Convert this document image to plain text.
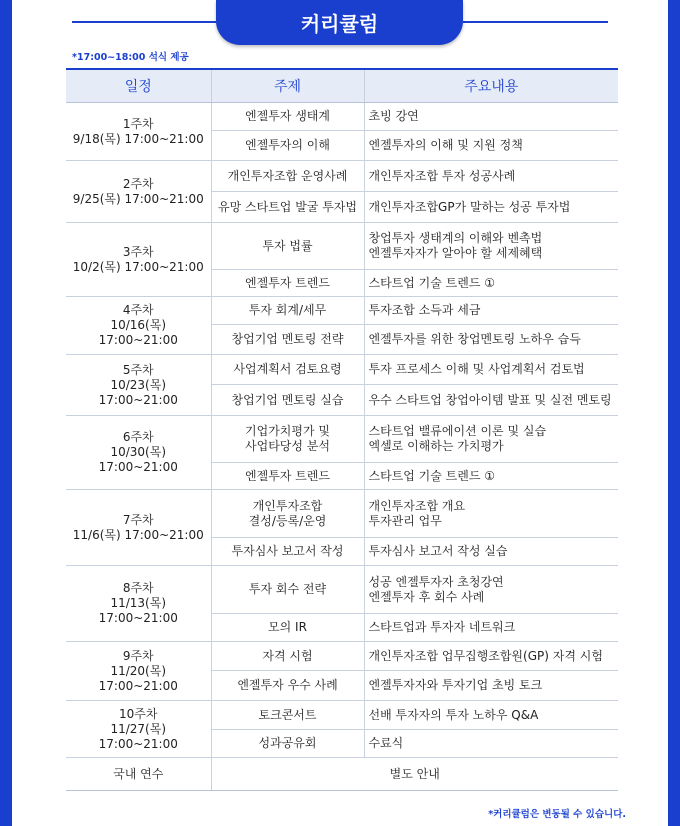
커리큘럼
*17:00~18:00 석식 제공
일정	주제	주요내용

1주차
9/18(목) 17:00~21:00	엔젤투자 생태계	초빙 강연

	엔젤투자의 이해	엔젤투자의 이해 및 지원 정책

2주차
9/25(목) 17:00~21:00	개인투자조합 운영사례	개인투자조합 투자 성공사례

	유망 스타트업 발굴 투자법	개인투자조합GP가 말하는 성공 투자법

3주차
10/2(목) 17:00~21:00	투자 법률	창업투자 생태계의 이해와 벤촉법
엔젤투자자가 알아야 할 세제혜택

	엔젤투자 트렌드	스타트업 기술 트렌드 ①

4주차
10/16(목) 17:00~21:00	투자 회계/세무	투자조합 소득과 세금

	창업기업 멘토링 전략	엔젤투자를 위한 창업멘토링 노하우 습득

5주차
10/23(목) 17:00~21:00	사업계획서 검토요령	투자 프로세스 이해 및 사업계획서 검토법

	창업기업 멘토링 실습	우수 스타트업 창업아이템 발표 및 실전 멘토링

6주차
10/30(목) 17:00~21:00	기업가치평가 및
사업타당성 분석	스타트업 밸류에이션 이론 및 실습
엑셀로 이해하는 가치평가

	엔젤투자 트렌드	스타트업 기술 트렌드 ①

7주차
11/6(목) 17:00~21:00	개인투자조합
결성/등록/운영	개인투자조합 개요
투자관리 업무

	투자심사 보고서 작성	투자심사 보고서 작성 실습

8주차
11/13(목) 17:00~21:00	투자 회수 전략	성공 엔젤투자자 초청강연
엔젤투자 후 회수 사례

	모의 IR	스타트업과 투자자 네트워크

9주차
11/20(목) 17:00~21:00	자격 시험	개인투자조합 업무집행조합원(GP) 자격 시험

	엔젤투자 우수 사례	엔젤투자자와 투자기업 초빙 토크

10주차
11/27(목) 17:00~21:00	토크콘서트	선배 투자자의 투자 노하우 Q&A

	성과공유회	수료식

국내 연수	별도 안내	
*커리큘럼은 변동될 수 있습니다.
